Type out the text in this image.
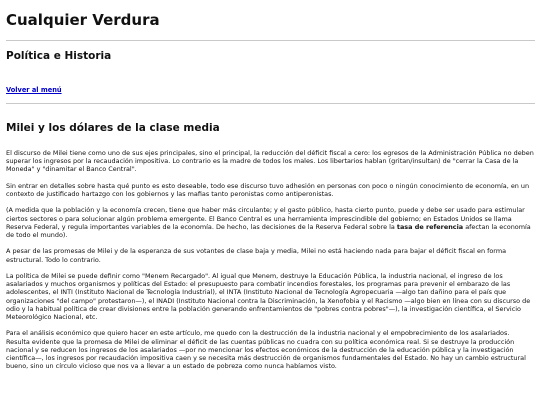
Cualquier Verdura
Política e Historia
Volver al menú
Milei y los dólares de la clase media

El discurso de Milei tiene como uno de sus ejes principales, sino el principal, la reducción del déficit fiscal a cero: los egresos de la Administración Pública no deben superar los ingresos por la recaudación impositiva. Lo contrario es la madre de todos los males. Los libertarios hablan (gritan/insultan) de "cerrar la Casa de la Moneda" y "dinamitar el Banco Central".

Sin entrar en detalles sobre hasta qué punto es esto deseable, todo ese discurso tuvo adhesión en personas con poco o ningún conocimiento de economía, en un contexto de justificado hartazgo con los gobiernos y las mafias tanto peronistas como antiperonistas.

(A medida que la población y la economía crecen, tiene que haber más circulante; y el gasto público, hasta cierto punto, puede y debe ser usado para estimular ciertos sectores o para solucionar algún problema emergente. El Banco Central es una herramienta imprescindible del gobierno; en Estados Unidos se llama Reserva Federal, y regula importantes variables de la economía. De hecho, las decisiones de la Reserva Federal sobre la tasa de referencia afectan la economía de todo el mundo).

A pesar de las promesas de Milei y de la esperanza de sus votantes de clase baja y media, Milei no está haciendo nada para bajar el déficit fiscal en forma estructural. Todo lo contrario.

La política de Milei se puede definir como "Menem Recargado". Al igual que Menem, destruye la Educación Pública, la industria nacional, el ingreso de los asalariados y muchos organismos y políticas del Estado: el presupuesto para combatir incendios forestales, los programas para prevenir el embarazo de las adolescentes, el INTI (Instituto Nacional de Tecnología Industrial), el INTA (Instituto Nacional de Tecnología Agropecuaria —algo tan dañino para el país que organizaciones "del campo" protestaron—), el INADI (Instituto Nacional contra la Discriminación, la Xenofobia y el Racismo —algo bien en línea con su discurso de odio y la habitual política de crear divisiones entre la población generando enfrentamientos de "pobres contra pobres"—), la investigación científica, el Servicio Meteorológico Nacional, etc.

Para el análisis económico que quiero hacer en este artículo, me quedo con la destrucción de la industria nacional y el empobrecimiento de los asalariados. Resulta evidente que la promesa de Milei de eliminar el déficit de las cuentas públicas no cuadra con su política económica real. Si se destruye la producción nacional y se reducen los ingresos de los asalariados —por no mencionar los efectos económicos de la destrucción de la educación pública y la investigación científica—, los ingresos por recaudación impositiva caen y se necesita más destrucción de organismos fundamentales del Estado. No hay un cambio estructural bueno, sino un círculo vicioso que nos va a llevar a un estado de pobreza como nunca habíamos visto.
